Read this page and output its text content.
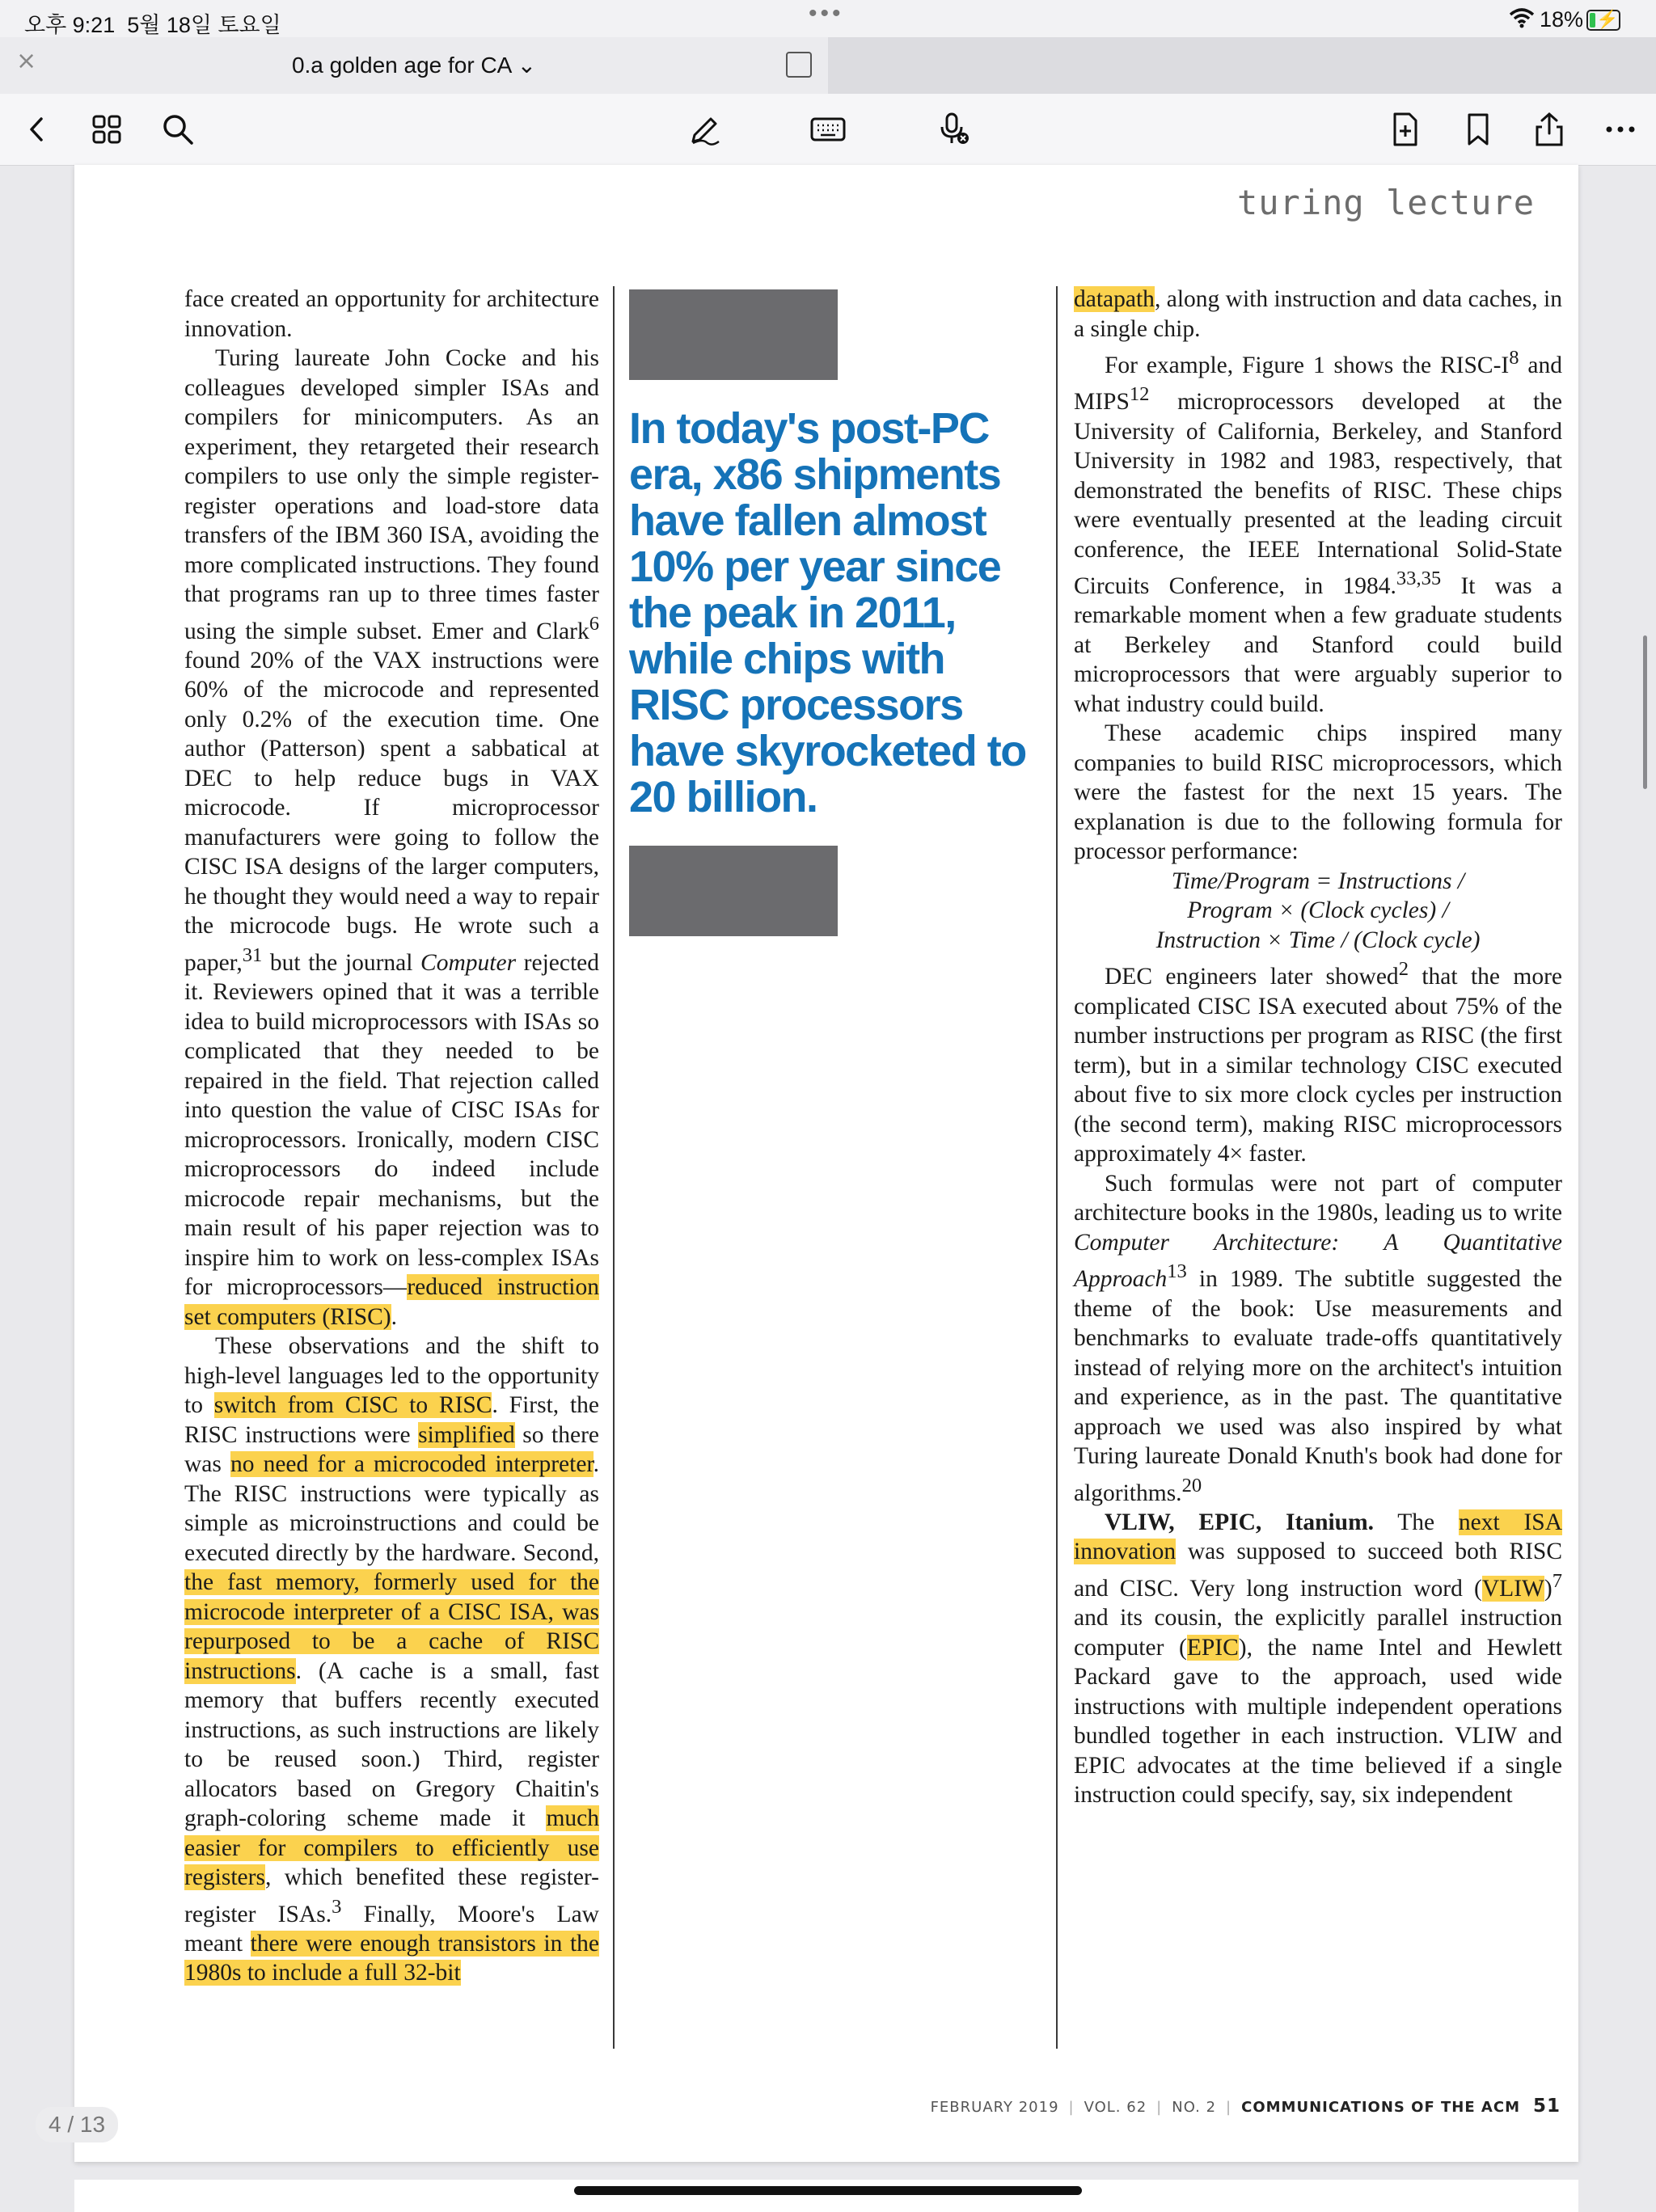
오후 9:21 5월 18일 토요일	•••	18% ⚡
×	0.a golden age for CA ⌄
turing lecture

face created an opportunity for architecture innovation.

Turing laureate John Cocke and his colleagues developed simpler ISAs and compilers for minicomputers. As an experiment, they retargeted their research compilers to use only the simple register-register operations and load-store data transfers of the IBM 360 ISA, avoiding the more complicated instructions. They found that programs ran up to three times faster using the simple subset. Emer and Clark$^6$ found 20% of the VAX instructions were 60% of the microcode and represented only 0.2% of the execution time. One author (Patterson) spent a sabbatical at DEC to help reduce bugs in VAX microcode. If microprocessor manufacturers were going to follow the CISC ISA designs of the larger computers, he thought they would need a way to repair the microcode bugs. He wrote such a paper,$^{31}$ but the journal Computer rejected it. Reviewers opined that it was a terrible idea to build microprocessors with ISAs so complicated that they needed to be repaired in the field. That rejection called into question the value of CISC ISAs for microprocessors. Ironically, modern CISC microprocessors do indeed include microcode repair mechanisms, but the main result of his paper rejection was to inspire him to work on less-complex ISAs for microprocessors—reduced instruction set computers (RISC).

These observations and the shift to high-level languages led to the opportunity to switch from CISC to RISC. First, the RISC instructions were simplified so there was no need for a microcoded interpreter. The RISC instructions were typically as simple as microinstructions and could be executed directly by the hardware. Second, the fast memory, formerly used for the microcode interpreter of a CISC ISA, was repurposed to be a cache of RISC instructions. (A cache is a small, fast memory that buffers recently executed instructions, as such instructions are likely to be reused soon.) Third, register allocators based on Gregory Chaitin's graph-coloring scheme made it much easier for compilers to efficiently use registers, which benefited these register-register ISAs.$^3$ Finally, Moore's Law meant there were enough transistors in the 1980s to include a full 32-bit

In today's post-PC era, x86 shipments have fallen almost 10% per year since the peak in 2011, while chips with RISC processors have skyrocketed to 20 billion.

datapath, along with instruction and data caches, in a single chip.

For example, Figure 1 shows the RISC-$I^8$ and MIPS$^{12}$ microprocessors developed at the University of California, Berkeley, and Stanford University in 1982 and 1983, respectively, that demonstrated the benefits of RISC. These chips were eventually presented at the leading circuit conference, the IEEE International Solid-State Circuits Conference, in 1984.$^{33,35}$ It was a remarkable moment when a few graduate students at Berkeley and Stanford could build microprocessors that were arguably superior to what industry could build.

These academic chips inspired many companies to build RISC microprocessors, which were the fastest for the next 15 years. The explanation is due to the following formula for processor performance:

Time/Program = Instructions /

Program × (Clock cycles) /

Instruction × Time / (Clock cycle)

DEC engineers later showed$^2$ that the more complicated CISC ISA executed about 75% of the number instructions per program as RISC (the first term), but in a similar technology CISC executed about five to six more clock cycles per instruction (the second term), making RISC microprocessors approximately 4× faster.

Such formulas were not part of computer architecture books in the 1980s, leading us to write Computer Architecture: A Quantitative Approach$^{13}$ in 1989. The subtitle suggested the theme of the book: Use measurements and benchmarks to evaluate trade-offs quantitatively instead of relying more on the architect's intuition and experience, as in the past. The quantitative approach we used was also inspired by what Turing laureate Donald Knuth's book had done for algorithms.$^{20}$

VLIW, EPIC, Itanium. The next ISA innovation was supposed to succeed both RISC and CISC. Very long instruction word (VLIW)$^7$ and its cousin, the explicitly parallel instruction computer (EPIC), the name Intel and Hewlett Packard gave to the approach, used wide instructions with multiple independent operations bundled together in each instruction. VLIW and EPIC advocates at the time believed if a single instruction could specify, say, six independent

FEBRUARY 2019 | VOL. 62 | NO. 2 | COMMUNICATIONS OF THE ACM 51
4 / 13
